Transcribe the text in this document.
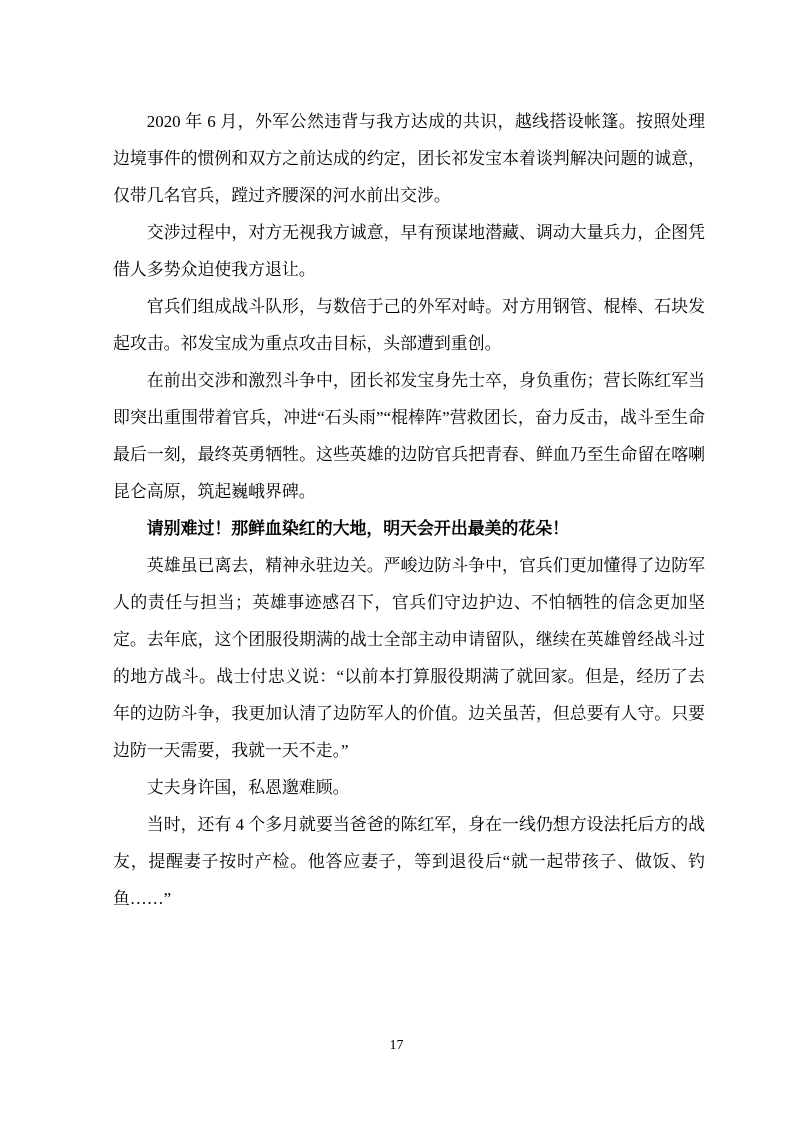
2020 年 6 月，外军公然违背与我方达成的共识，越线搭设帐篷。按照处理边境事件的惯例和双方之前达成的约定，团长祁发宝本着谈判解决问题的诚意，仅带几名官兵，蹚过齐腰深的河水前出交涉。

交涉过程中，对方无视我方诚意，早有预谋地潜藏、调动大量兵力，企图凭借人多势众迫使我方退让。

官兵们组成战斗队形，与数倍于己的外军对峙。对方用钢管、棍棒、石块发起攻击。祁发宝成为重点攻击目标，头部遭到重创。

在前出交涉和激烈斗争中，团长祁发宝身先士卒，身负重伤；营长陈红军当即突出重围带着官兵，冲进“石头雨”“棍棒阵”营救团长，奋力反击，战斗至生命最后一刻，最终英勇牺牲。这些英雄的边防官兵把青春、鲜血乃至生命留在喀喇昆仑高原，筑起巍峨界碑。

请别难过！那鲜血染红的大地，明天会开出最美的花朵！

英雄虽已离去，精神永驻边关。严峻边防斗争中，官兵们更加懂得了边防军人的责任与担当；英雄事迹感召下，官兵们守边护边、不怕牺牲的信念更加坚定。去年底，这个团服役期满的战士全部主动申请留队，继续在英雄曾经战斗过的地方战斗。战士付忠义说：“以前本打算服役期满了就回家。但是，经历了去年的边防斗争，我更加认清了边防军人的价值。边关虽苦，但总要有人守。只要边防一天需要，我就一天不走。”

丈夫身许国，私恩邈难顾。

当时，还有 4 个多月就要当爸爸的陈红军，身在一线仍想方设法托后方的战友，提醒妻子按时产检。他答应妻子，等到退役后“就一起带孩子、做饭、钓鱼……”

17
